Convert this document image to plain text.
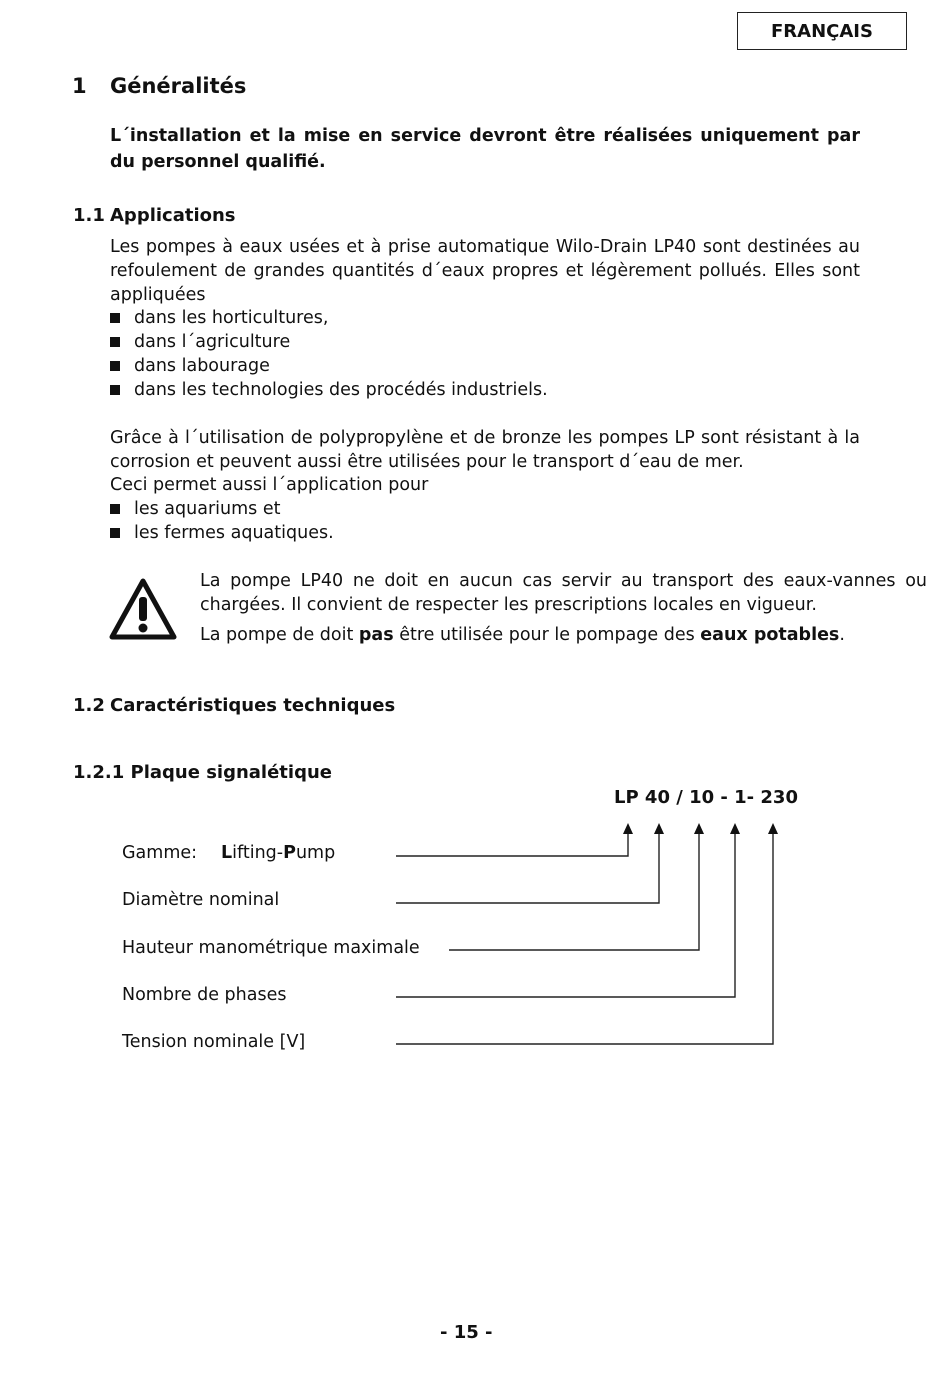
FRANÇAIS
1 Généralités
L´installation et la mise en service devront être réalisées uniquement par du personnel qualifié.
1.1 Applications
Les pompes à eaux usées et à prise automatique Wilo-Drain LP40 sont destinées au refoulement de grandes quantités d´eaux propres et légèrement pollués. Elles sont appliquées
dans les horticultures,
dans l´agriculture
dans labourage
dans les technologies des procédés industriels.
Grâce à l´utilisation de polypropylène et de bronze les pompes LP sont résistant à la corrosion et peuvent aussi être utilisées pour le transport d´eau de mer.
Ceci permet aussi l´application pour
les aquariums et
les fermes aquatiques.
La pompe LP40 ne doit en aucun cas servir au transport des eaux-vannes ou chargées. Il convient de respecter les prescriptions locales en vigueur.
La pompe de doit pas être utilisée pour le pompage des eaux potables.
1.2 Caractéristiques techniques
1.2.1 Plaque signalétique
LP 40 / 10 - 1- 230
Gamme: Lifting-Pump
Diamètre nominal
Hauteur manométrique maximale
Nombre de phases
Tension nominale [V]
- 15 -
